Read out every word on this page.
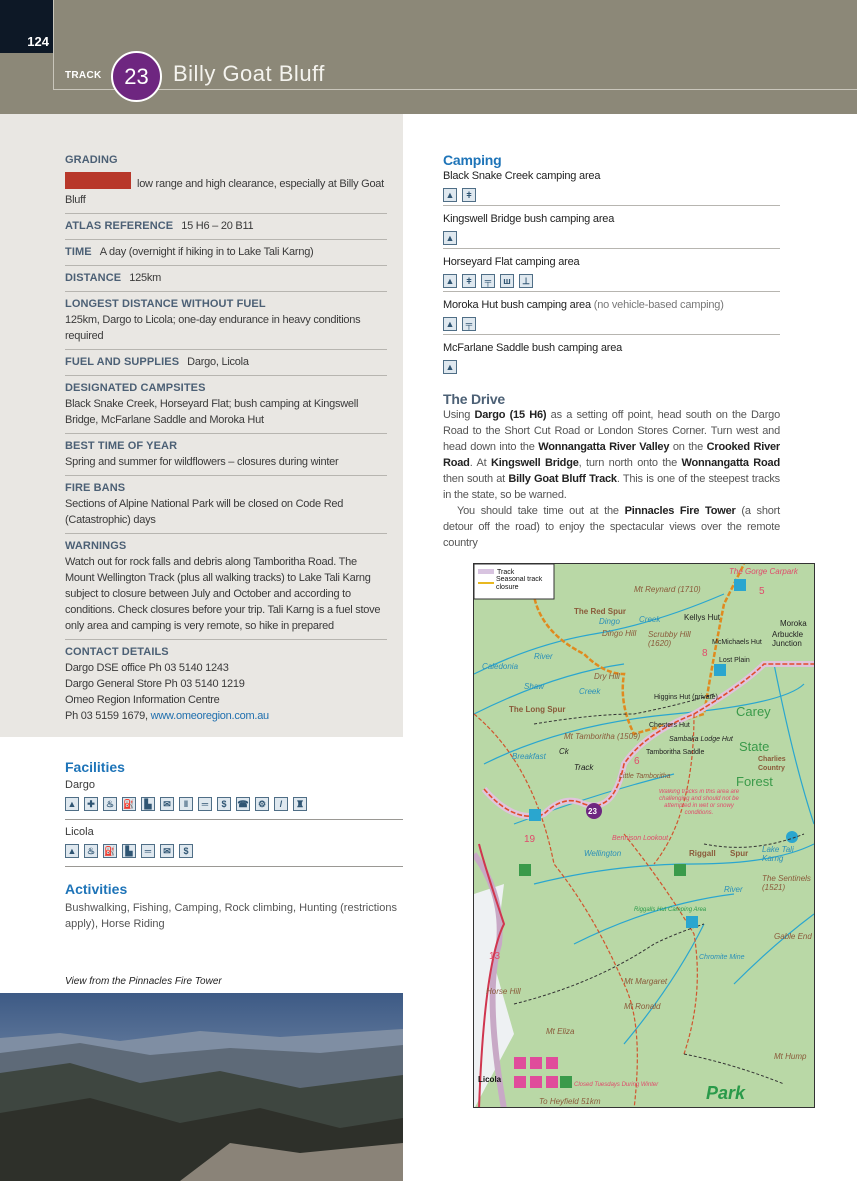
124
TRACK	23	Billy Goat Bluff
GRADING
low range and high clearance, especially at Billy Goat Bluff
ATLAS REFERENCE 15 H6 – 20 B11
TIME A day (overnight if hiking in to Lake Tali Karng)
DISTANCE 125km
LONGEST DISTANCE WITHOUT FUEL
125km, Dargo to Licola; one-day endurance in heavy conditions required
FUEL AND SUPPLIES Dargo, Licola
DESIGNATED CAMPSITES
Black Snake Creek, Horseyard Flat; bush camping at Kingswell Bridge, McFarlane Saddle and Moroka Hut
BEST TIME OF YEAR
Spring and summer for wildflowers – closures during winter
FIRE BANS
Sections of Alpine National Park will be closed on Code Red (Catastrophic) days
WARNINGS
Watch out for rock falls and debris along Tamboritha Road. The Mount Wellington Track (plus all walking tracks) to Lake Tali Karng subject to closure between July and October and according to conditions. Check closures before your trip. Tali Karng is a fuel stove only area and camping is very remote, so hike in prepared
CONTACT DETAILS
Dargo DSE office Ph 03 5140 1243
Dargo General Store Ph 03 5140 1219
Omeo Region Information Centre
Ph 03 5159 1679, www.omeoregion.com.au
Facilities
Dargo
▲	✚	♨	⛽	▙	✉	‖	═	$	☎	⚙	/	♜
Licola
▲	♨	⛽	▙	═	✉	$
Activities
Bushwalking, Fishing, Camping, Rock climbing, Hunting (restrictions apply), Horse Riding
View from the Pinnacles Fire Tower
Camping
Black Snake Creek camping area
▲	ǂ
Kingswell Bridge bush camping area
▲
Horseyard Flat camping area
▲	ǂ	╤	ш	⊥
Moroka Hut bush camping area (no vehicle-based camping)
▲	╤
McFarlane Saddle bush camping area
▲
The Drive

Using Dargo (15 H6) as a setting off point, head south on the Dargo Road to the Short Cut Road or London Stores Corner. Turn west and head down into the Wonnangatta River Valley on the Crooked River Road. At Kingswell Bridge, turn north onto the Wonnangatta Road then south at Billy Goat Bluff Track. This is one of the steepest tracks in the state, so be warned.

You should take time out at the Pinnacles Fire Tower (a short detour off the road) to enjoy the spectacular views over the remote country

The Gorge Carpark
Mt Reynard (1710)
The Red Spur
Dingo Creek	Kellys Hut
Moroka
Arbuckle Junction
Caledonia
River
Dingo Hill Scrubby Hill (1620)	McMichaels Hut
Lost Plain
Dry Hill
Shaw
Creek
Higgins Hut (private)
The Long Spur	Carey
Chesters Hut
Sambaka Lodge Hut
Mt Tamboritha (1509)
Tamboritha Saddle	State
Charlies Country
Breakfast
Ck
Track
Little Tamboritha	Forest
Walking tracks in this area are challenging and should not be attempted in wet or snowy conditions.
Bennison Lookout
Riggall Spur
Wellington
River
Riggalls Hut Camping Area
Lake Tali Karng
The Sentinels (1521)
Chromite Mine
Gable End
Mt Margaret
Mt Ronald
Mt Eliza
Horse Hill
Licola
Closed Tuesdays During Winter
To Heyfield 51km	Park
Mt Hump
13
19
6
5
8
23
Track
Seasonal track closure
